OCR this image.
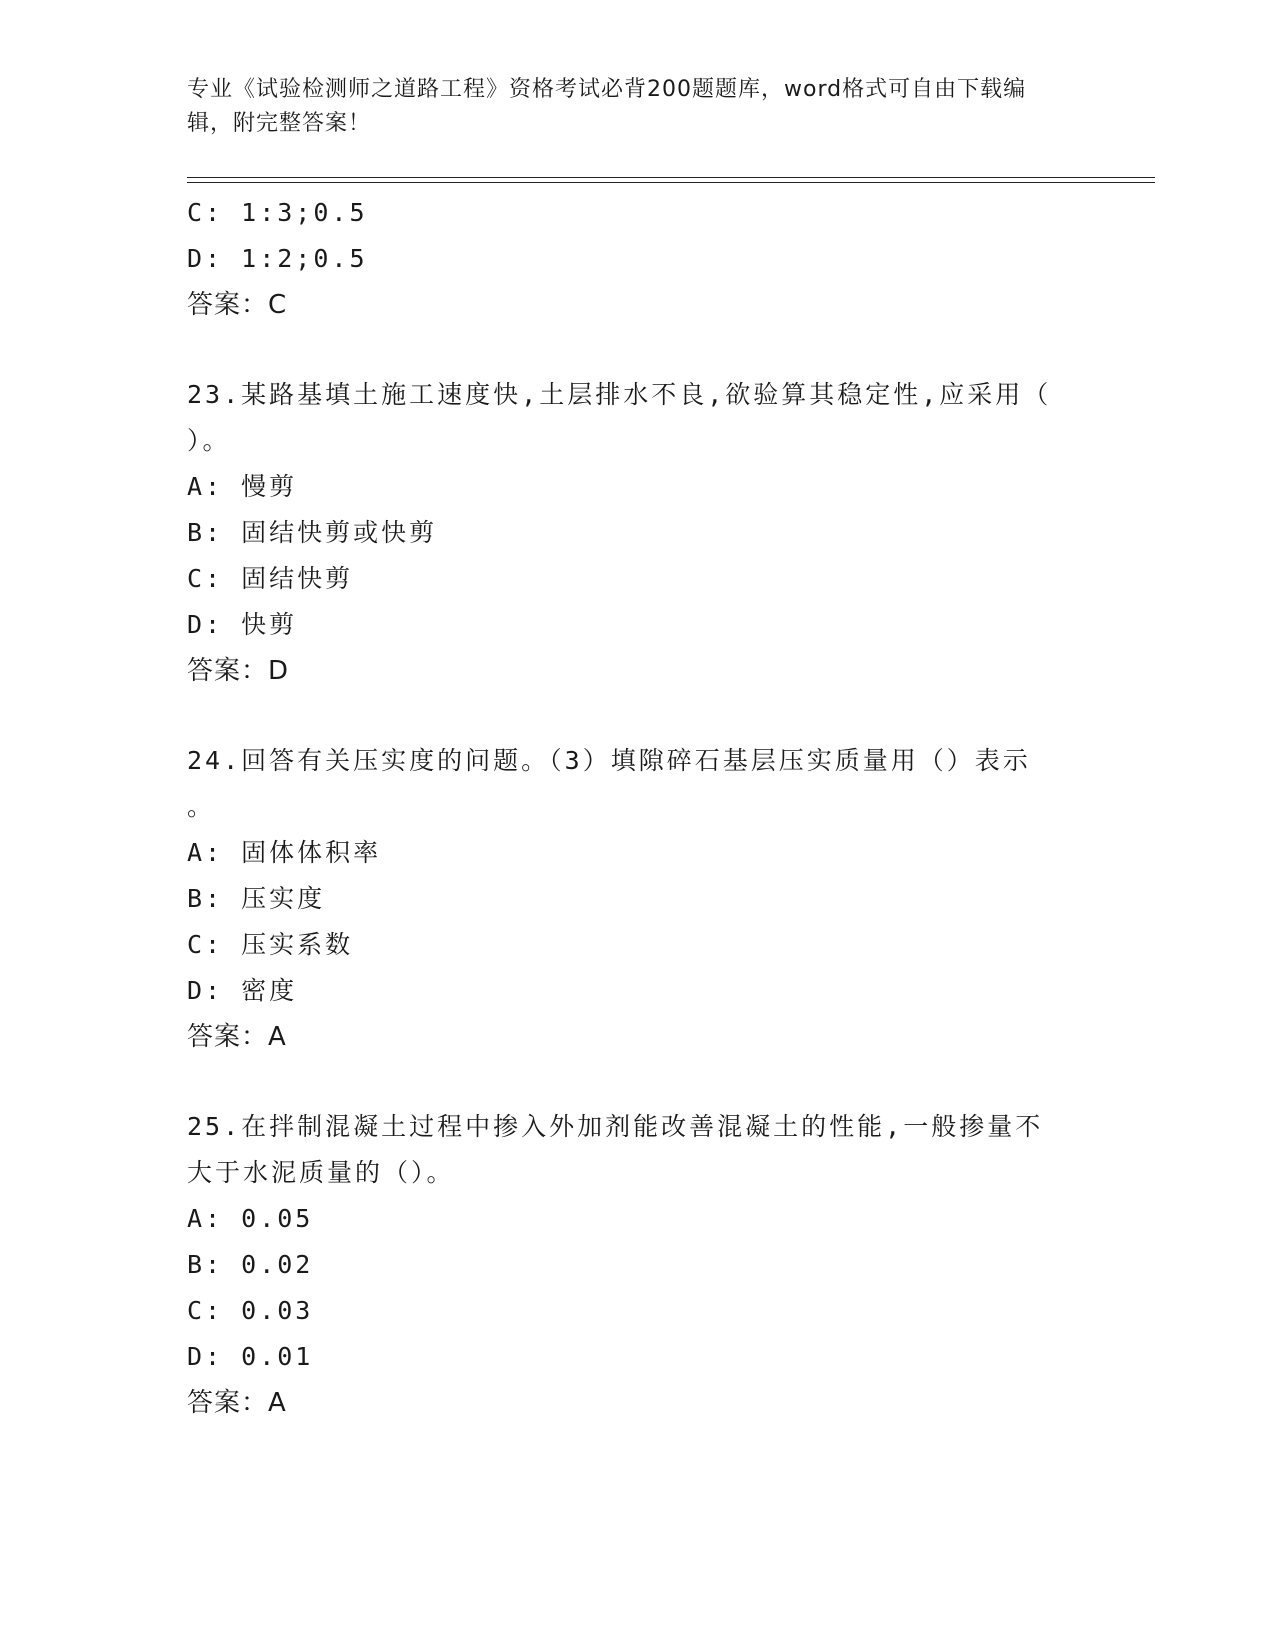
专业《试验检测师之道路工程》资格考试必背200题题库，word格式可自由下载编辑，附完整答案！
C: 1:3;0.5
D: 1:2;0.5
答案：C
23.某路基填土施工速度快,土层排水不良,欲验算其稳定性,应采用（ ）。
A: 慢剪
B: 固结快剪或快剪
C: 固结快剪
D: 快剪
答案：D
24.回答有关压实度的问题。（3）填隙碎石基层压实质量用（）表示 。
A: 固体体积率
B: 压实度
C: 压实系数
D: 密度
答案：A
25.在拌制混凝土过程中掺入外加剂能改善混凝土的性能,一般掺量不大于水泥质量的（）。
A: 0.05
B: 0.02
C: 0.03
D: 0.01
答案：A
